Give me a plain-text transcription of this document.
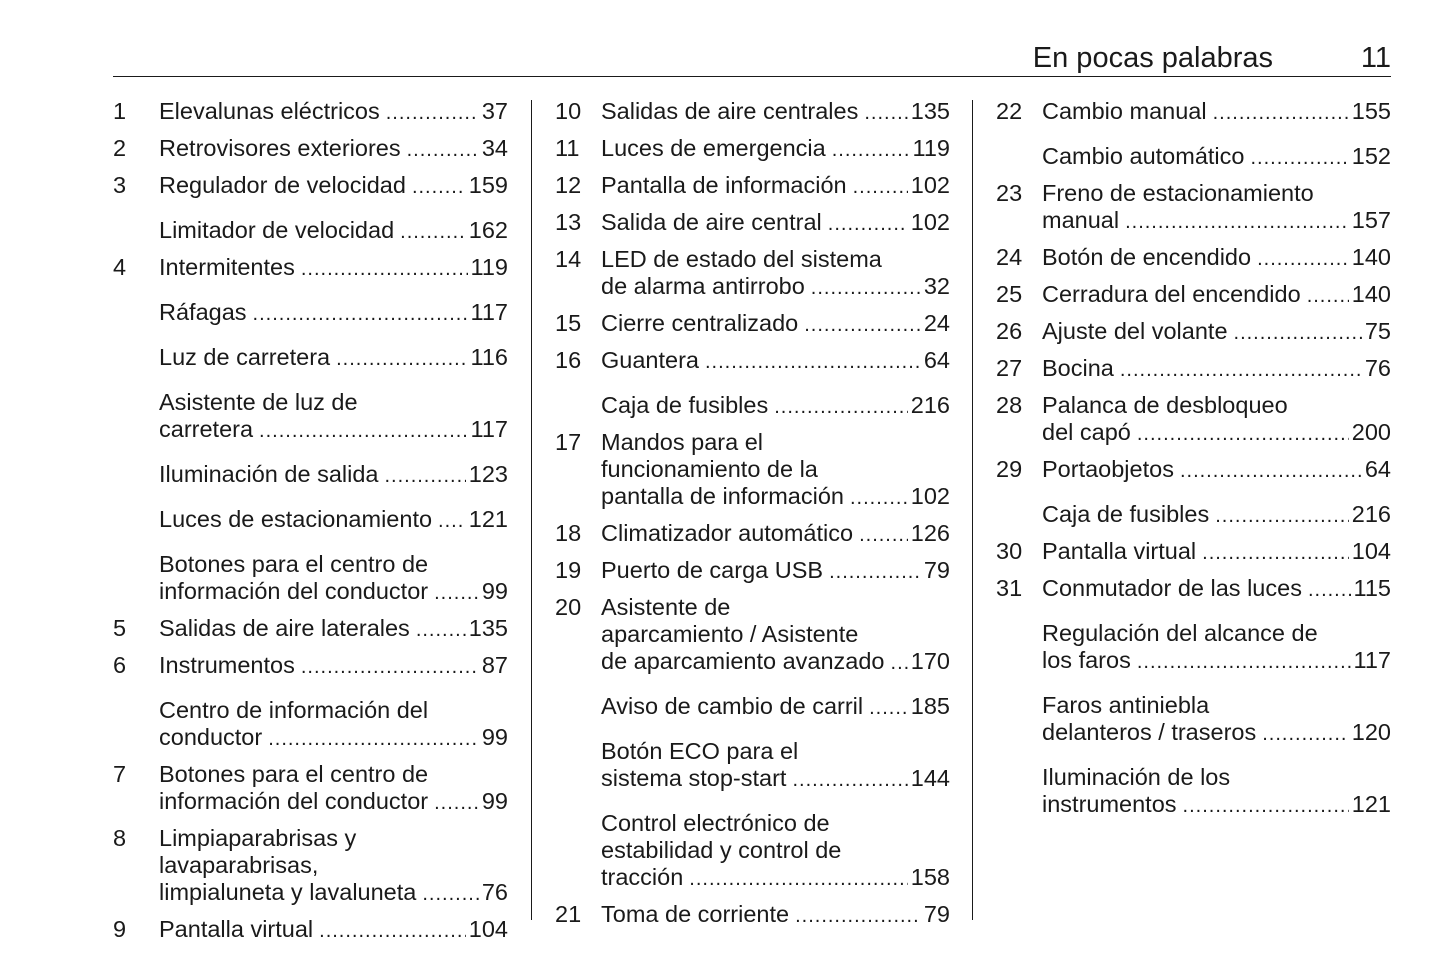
En pocas palabras	11
1	Elevalunas eléctricos .....	37
2	Retrovisores exteriores .....	34
3	Regulador de velocidad .....	159
Limitador de velocidad .....	162
4	Intermitentes .....	119
Ráfagas .....	117
Luz de carretera .....	116
Asistente de luz de
carretera .....	117
Iluminación de salida .....	123
Luces de estacionamiento ..... 121
Botones para el centro de
información del conductor ..... 99
5	Salidas de aire laterales .....	135
6	Instrumentos .....	87
Centro de información del
conductor .....	99
7	Botones para el centro de
información del conductor ..... 99
8	Limpiaparabrisas y
lavaparabrisas,
limpialuneta y lavaluneta .....	76
9	Pantalla virtual .....	104
10 Salidas de aire centrales ..... 135
11 Luces de emergencia .....	119
12 Pantalla de información .....	102
13 Salida de aire central .....	102
14 LED de estado del sistema
de alarma antirrobo .....	32
15 Cierre centralizado .....	24
16 Guantera .....	64
Caja de fusibles .....	216
17 Mandos para el
funcionamiento de la
pantalla de información .....	102
18 Climatizador automático ..... 126
19 Puerto de carga USB .....	79
20 Asistente de
aparcamiento / Asistente
de aparcamiento avanzado ..... 170
Aviso de cambio de carril ..... 185
Botón ECO para el
sistema stop-start .....	144
Control electrónico de
estabilidad y control de
tracción .....	158
21 Toma de corriente .....	79
22 Cambio manual .....	155
Cambio automático .....	152
23 Freno de estacionamiento
manual .....	157
24 Botón de encendido .....	140
25 Cerradura del encendido ..... 140
26 Ajuste del volante .....	75
27 Bocina .....	76
28 Palanca de desbloqueo
del capó .....	200
29 Portaobjetos .....	64
Caja de fusibles .....	216
30 Pantalla virtual .....	104
31 Conmutador de las luces ..... 115
Regulación del alcance de
los faros .....	117
Faros antiniebla
delanteros / traseros .....	120
Iluminación de los
instrumentos .....	121
